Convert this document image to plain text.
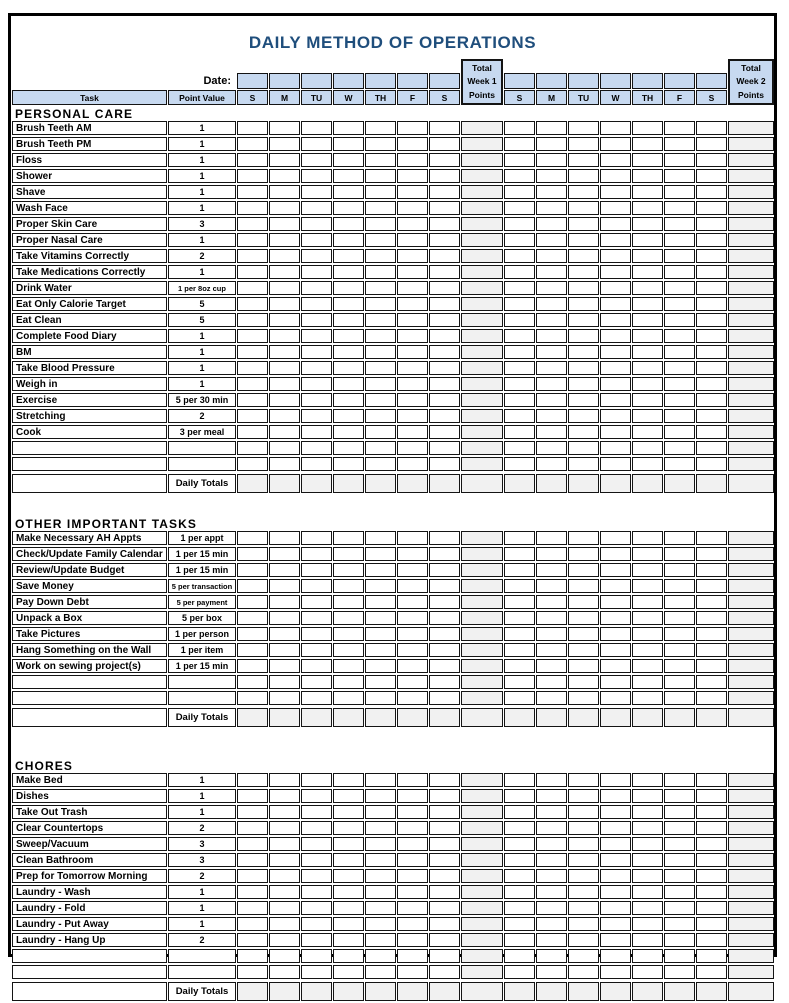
DAILY METHOD OF OPERATIONS
Total
Week 1
Points
Total
Week 2
Points
Date:
Task	Point Value	S	M	TU	W	TH	F	S	S	M	TU	W	TH	F	S
PERSONAL CARE
Brush Teeth AM	1
Brush Teeth PM	1
Floss	1
Shower	1
Shave	1
Wash Face	1
Proper Skin Care	3
Proper Nasal Care	1
Take Vitamins Correctly	2
Take Medications Correctly	1
Drink Water	1 per 8oz cup
Eat Only Calorie Target	5
Eat Clean	5
Complete Food Diary	1
BM	1
Take Blood Pressure	1
Weigh in	1
Exercise	5 per 30 min
Stretching	2
Cook	3 per meal
Daily Totals
OTHER IMPORTANT TASKS
Make Necessary AH Appts	1 per appt
Check/Update Family Calendar	1 per 15 min
Review/Update Budget	1 per 15 min
Save Money	5 per transaction
Pay Down Debt	5 per payment
Unpack a Box	5 per box
Take Pictures	1 per person
Hang Something on the Wall	1 per item
Work on sewing project(s)	1 per 15 min
Daily Totals
CHORES
Make Bed	1
Dishes	1
Take Out Trash	1
Clear Countertops	2
Sweep/Vacuum	3
Clean Bathroom	3
Prep for Tomorrow Morning	2
Laundry - Wash	1
Laundry - Fold	1
Laundry - Put Away	1
Laundry - Hang Up	2
Daily Totals
